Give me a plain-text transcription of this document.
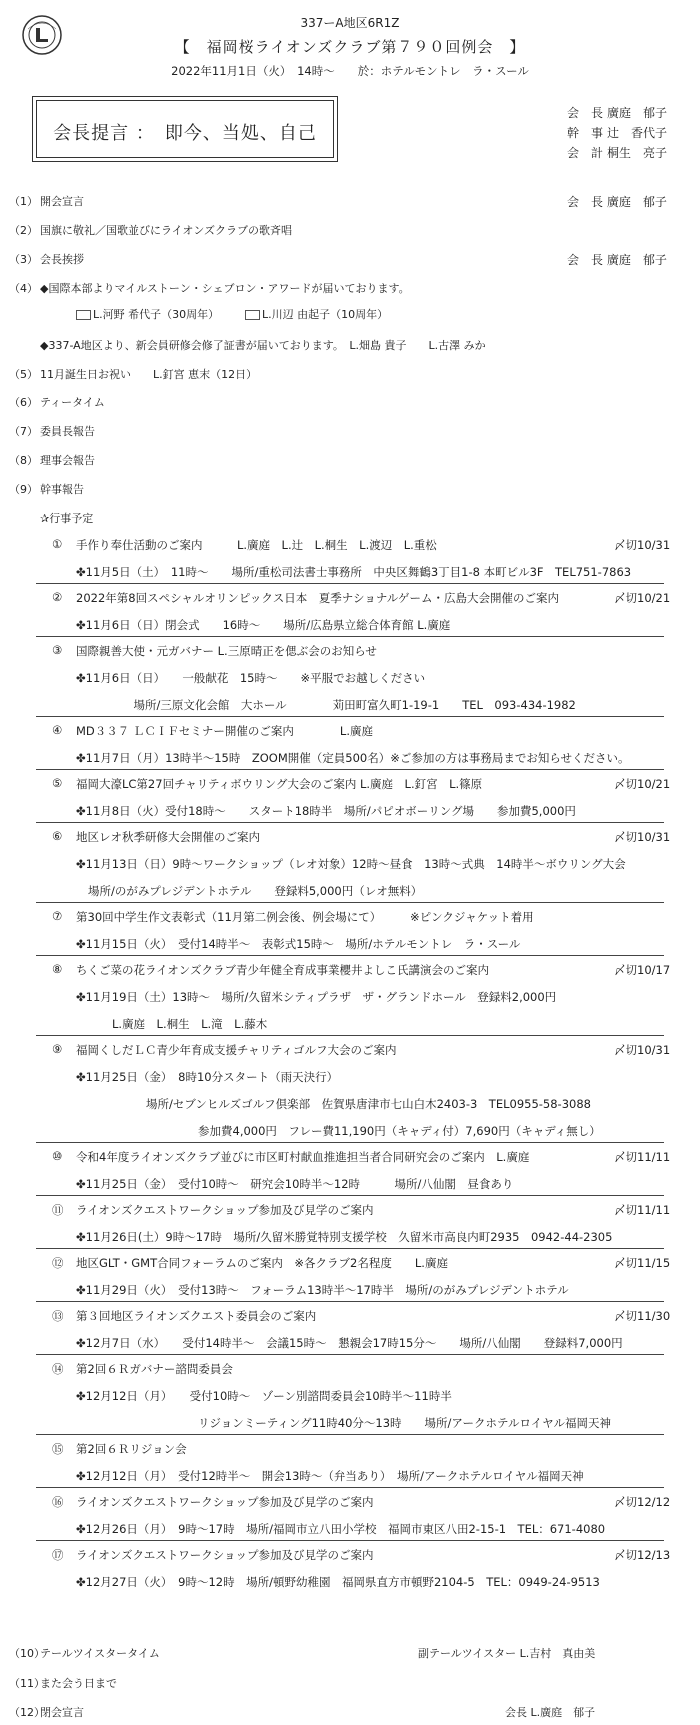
337ーA地区6R1Z
【　福岡桜ライオンズクラブ第７９０回例会　】
2022年11月1日（火）　14時～　　於：ホテルモントレ　ラ・スール
会長提言 ：　即今、当処、自己
会　長 廣庭　郁子
幹　事 辻　香代子
会　計 桐生　亮子
（1） 開会宣言	会　長 廣庭　郁子
（2） 国旗に敬礼／国歌並びにライオンズクラブの歌斉唱
（3） 会長挨拶	会　長 廣庭　郁子
（4） ◆国際本部よりマイルストーン・シェブロン・アワードが届いております。
L.河野 希代子（30周年）	L.川辺 由起子（10周年）
◆337-A地区より、新会員研修会修了証書が届いております。　L.畑島 貴子　　L.古澤 みか
（5） 11月誕生日お祝い　　L.釘宮 恵末（12日）
（6） ティータイム
（7） 委員長報告
（8） 理事会報告
（9） 幹事報告
✰行事予定
① 手作り奉仕活動のご案内　　　L.廣庭　L.辻　L.桐生　L.渡辺　L.重松	〆切10/31
✤11月5日（土）　11時～　　場所/重松司法書士事務所　中央区舞鶴3丁目1-8 本町ビル3F　TEL751-7863
② 2022年第8回スペシャルオリンピックス日本　夏季ナショナルゲーム・広島大会開催のご案内	〆切10/21
✤11月6日（日）閉会式　　16時～　　場所/広島県立総合体育館 L.廣庭
③ 国際親善大使・元ガバナー L.三原晴正を偲ぶ会のお知らせ
✤11月6日（日）　　一般献花　15時～　　※平服でお越しください
　　　　　場所/三原文化会館　大ホール　　　　苅田町富久町1-19-1　　TEL　093-434-1982
④ MD３３７ ＬＣＩＦセミナー開催のご案内　　　　L.廣庭
✤11月7日（月）13時半～15時　ZOOM開催（定員500名）※ご参加の方は事務局までお知らせください。
⑤ 福岡大濠LC第27回チャリティボウリング大会のご案内 L.廣庭　L.釘宮　L.篠原	〆切10/21
✤11月8日（火）受付18時～　　スタート18時半　場所/パピオボーリング場　　参加費5,000円
⑥ 地区レオ秋季研修大会開催のご案内	〆切10/31
✤11月13日（日）9時～ワークショップ（レオ対象）12時～昼食　13時～式典　14時半～ボウリング大会
場所/のがみプレジデントホテル　　登録料5,000円（レオ無料）
⑦ 第30回中学生作文表彰式（11月第二例会後、例会場にて）　　　※ピンクジャケット着用
✤11月15日（火）　受付14時半～　表彰式15時～　場所/ホテルモントレ　ラ・スール
⑧ ちくご菜の花ライオンズクラブ青少年健全育成事業櫻井よしこ氏講演会のご案内	〆切10/17
✤11月19日（土）13時～　場所/久留米シティプラザ　ザ・グランドホール　登録料2,000円
L.廣庭　L.桐生　L.滝　L.藤木
⑨ 福岡くしだＬＣ青少年育成支援チャリティゴルフ大会のご案内	〆切10/31
✤11月25日（金）　8時10分スタート（雨天決行）
場所/セブンヒルズゴルフ倶楽部　佐賀県唐津市七山白木2403-3　TEL0955-58-3088
参加費4,000円　フレー費11,190円（キャディ付）7,690円（キャディ無し）
⑩ 令和4年度ライオンズクラブ並びに市区町村献血推進担当者合同研究会のご案内　L.廣庭	〆切11/11
✤11月25日（金）　受付10時～　研究会10時半～12時　　　場所/八仙閣　昼食あり
⑪ ライオンズクエストワークショップ参加及び見学のご案内	〆切11/11
✤11月26日(土）9時～17時　場所/久留米勝覚特別支援学校　久留米市高良内町2935　0942-44-2305
⑫ 地区GLT・GMT合同フォーラムのご案内　※各クラブ2名程度　　L.廣庭	〆切11/15
✤11月29日（火）　受付13時～　フォーラム13時半～17時半　場所/のがみプレジデントホテル
⑬ 第３回地区ライオンズクエスト委員会のご案内	〆切11/30
✤12月7日（水）　　受付14時半～　会議15時～　懇親会17時15分～　　場所/八仙閣　　登録料7,000円
⑭ 第2回６Ｒガバナー諮問委員会
✤12月12日（月）　　受付10時～　ゾーン別諮問委員会10時半～11時半
リジョンミーティング11時40分～13時　　場所/アークホテルロイヤル福岡天神
⑮ 第2回６Ｒリジョン会
✤12月12日（月）　受付12時半～　開会13時～（弁当あり）　場所/アークホテルロイヤル福岡天神
⑯ ライオンズクエストワークショップ参加及び見学のご案内	〆切12/12
✤12月26日（月）　9時～17時　場所/福岡市立八田小学校　福岡市東区八田2-15-1　TEL：671-4080
⑰ ライオンズクエストワークショップ参加及び見学のご案内	〆切12/13
✤12月27日（火）　9時～12時　場所/頓野幼稚園　福岡県直方市頓野2104-5　TEL：0949-24-9513
（10）
テールツイスタータイム	副テールツイスター L.吉村　真由美
（11）
また会う日まで
（12）
閉会宣言	会長 L.廣庭　郁子
